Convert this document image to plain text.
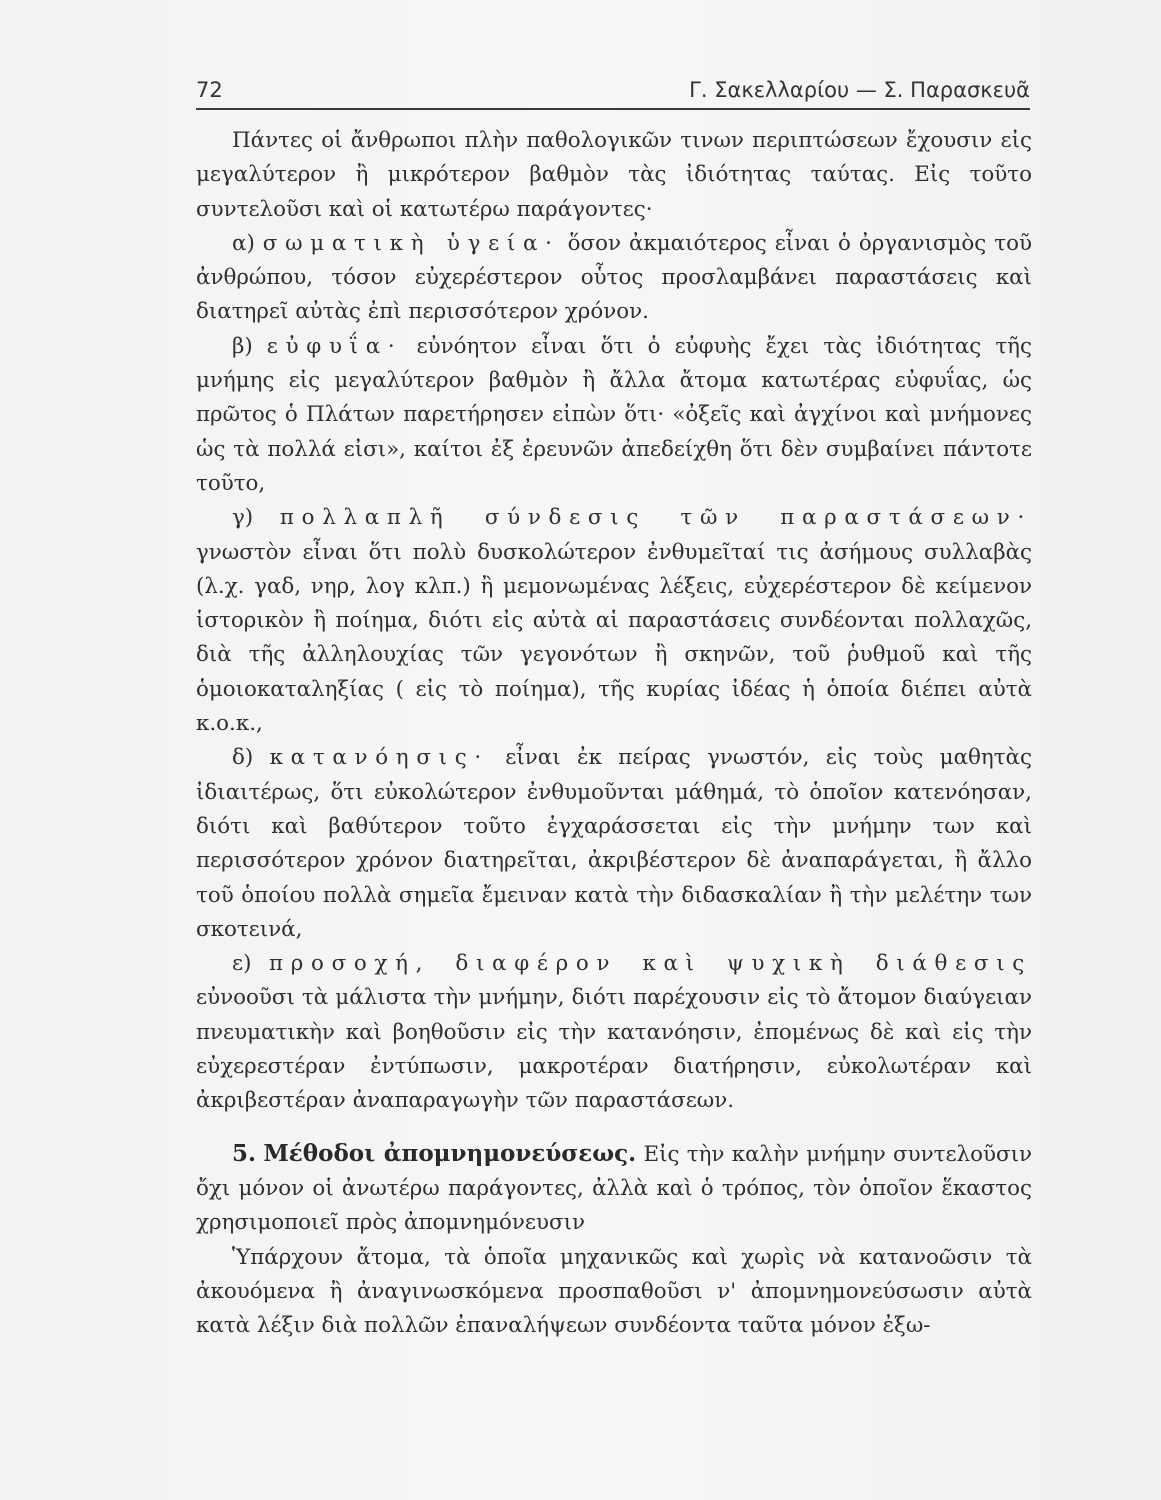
72	Γ. Σακελλαρίου — Σ. Παρασκευᾶ

Πάντες οἱ ἄνθρωποι πλὴν παθολογικῶν τινων περιπτώσεων ἔχουσιν εἰς μεγαλύτερον ἢ μικρότερον βαθμὸν τὰς ἰδιότητας ταύτας. Εἰς τοῦτο συντελοῦσι καὶ οἱ κατωτέρω παράγοντες·

α) σωματικὴ ὑγεία· ὅσον ἀκμαιότερος εἶναι ὁ ὀργανισμὸς τοῦ ἀνθρώπου, τόσον εὐχερέστερον οὗτος προσλαμβάνει παραστάσεις καὶ διατηρεῖ αὐτὰς ἐπὶ περισσότερον χρόνον.

β) εὐφυΐα· εὐνόητον εἶναι ὅτι ὁ εὐφυὴς ἔχει τὰς ἰδιότητας τῆς μνήμης εἰς μεγαλύτερον βαθμὸν ἢ ἄλλα ἄτομα κατωτέρας εὐφυΐας, ὡς πρῶτος ὁ Πλάτων παρετήρησεν εἰπὼν ὅτι· «ὀξεῖς καὶ ἀγχίνοι καὶ μνήμονες ὡς τὰ πολλά εἰσι», καίτοι ἐξ ἐρευνῶν ἀπεδείχθη ὅτι δὲν συμβαίνει πάντοτε τοῦτο,

γ) πολλαπλῆ σύνδεσις τῶν παραστάσεων· γνωστὸν εἶναι ὅτι πολὺ δυσκολώτερον ἐνθυμεῖταί τις ἀσήμους συλλαβὰς (λ.χ. γαδ, νηρ, λογ κλπ.) ἢ μεμονωμένας λέξεις, εὐχερέστερον δὲ κείμενον ἱστορικὸν ἢ ποίημα, διότι εἰς αὐτὰ αἱ παραστάσεις συνδέονται πολλαχῶς, διὰ τῆς ἀλληλουχίας τῶν γεγονότων ἢ σκηνῶν, τοῦ ῥυθμοῦ καὶ τῆς ὁμοιοκαταληξίας ( εἰς τὸ ποίημα), τῆς κυρίας ἰδέας ἡ ὁποία διέπει αὐτὰ κ.ο.κ.,

δ) κατανόησις· εἶναι ἐκ πείρας γνωστόν, εἰς τοὺς μαθητὰς ἰδιαιτέρως, ὅτι εὐκολώτερον ἐνθυμοῦνται μάθημά, τὸ ὁποῖον κατενόησαν, διότι καὶ βαθύτερον τοῦτο ἐγχαράσσεται εἰς τὴν μνήμην των καὶ περισσότερον χρόνον διατηρεῖται, ἀκριβέστερον δὲ ἀναπαράγεται, ἢ ἄλλο τοῦ ὁποίου πολλὰ σημεῖα ἔμειναν κατὰ τὴν διδασκαλίαν ἢ τὴν μελέτην των σκοτεινά,

ε) προσοχή, διαφέρον καὶ ψυχικὴ διάθεσις εὐνοοῦσι τὰ μάλιστα τὴν μνήμην, διότι παρέχουσιν εἰς τὸ ἄτομον διαύγειαν πνευματικὴν καὶ βοηθοῦσιν εἰς τὴν κατανόησιν, ἐπομένως δὲ καὶ εἰς τὴν εὐχερεστέραν ἐντύπωσιν, μακροτέραν διατήρησιν, εὐκολωτέραν καὶ ἀκριβεστέραν ἀναπαραγωγὴν τῶν παραστάσεων.

5. Μέθοδοι ἀπομνημονεύσεως. Εἰς τὴν καλὴν μνήμην συντελοῦσιν ὄχι μόνον οἱ ἀνωτέρω παράγοντες, ἀλλὰ καὶ ὁ τρόπος, τὸν ὁποῖον ἕκαστος χρησιμοποιεῖ πρὸς ἀπομνημόνευσιν

Ὑπάρχουν ἄτομα, τὰ ὁποῖα μηχανικῶς καὶ χωρὶς νὰ κατανοῶσιν τὰ ἀκουόμενα ἢ ἀναγινωσκόμενα προσπαθοῦσι ν' ἀπομνημονεύσωσιν αὐτὰ κατὰ λέξιν διὰ πολλῶν ἐπαναλήψεων συνδέοντα ταῦτα μόνον ἐξω-
